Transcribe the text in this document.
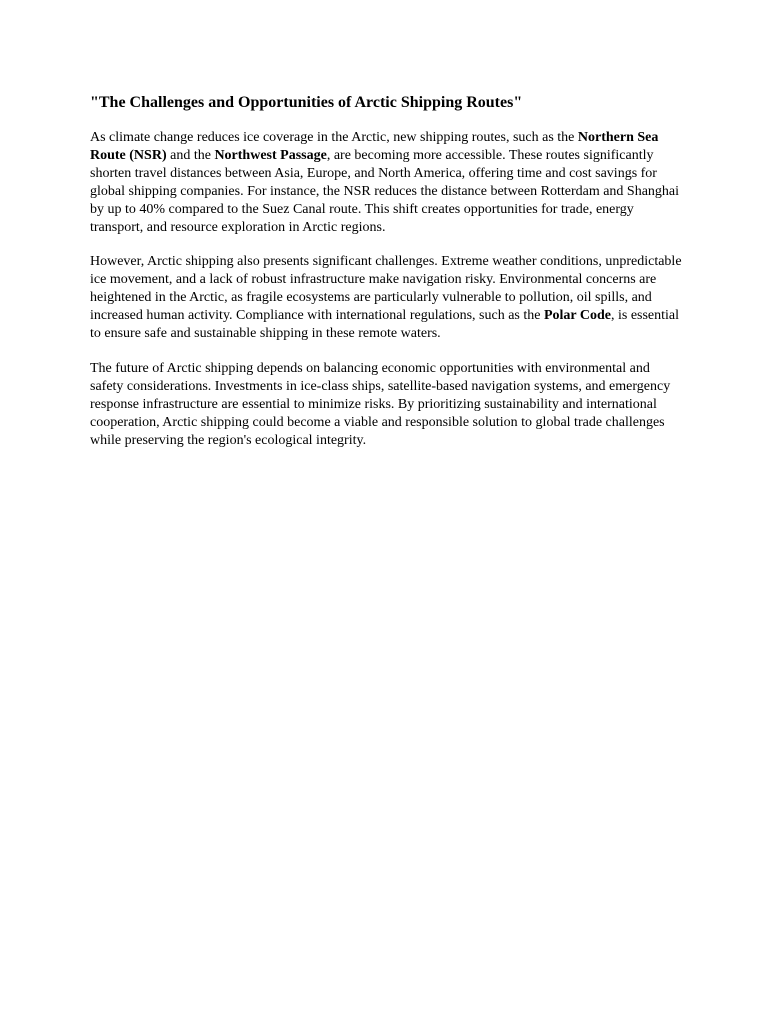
"The Challenges and Opportunities of Arctic Shipping Routes"

As climate change reduces ice coverage in the Arctic, new shipping routes, such as the Northern Sea Route (NSR) and the Northwest Passage, are becoming more accessible. These routes significantly shorten travel distances between Asia, Europe, and North America, offering time and cost savings for global shipping companies. For instance, the NSR reduces the distance between Rotterdam and Shanghai by up to 40% compared to the Suez Canal route. This shift creates opportunities for trade, energy transport, and resource exploration in Arctic regions.

However, Arctic shipping also presents significant challenges. Extreme weather conditions, unpredictable ice movement, and a lack of robust infrastructure make navigation risky. Environmental concerns are heightened in the Arctic, as fragile ecosystems are particularly vulnerable to pollution, oil spills, and increased human activity. Compliance with international regulations, such as the Polar Code, is essential to ensure safe and sustainable shipping in these remote waters.

The future of Arctic shipping depends on balancing economic opportunities with environmental and safety considerations. Investments in ice-class ships, satellite-based navigation systems, and emergency response infrastructure are essential to minimize risks. By prioritizing sustainability and international cooperation, Arctic shipping could become a viable and responsible solution to global trade challenges while preserving the region's ecological integrity.
